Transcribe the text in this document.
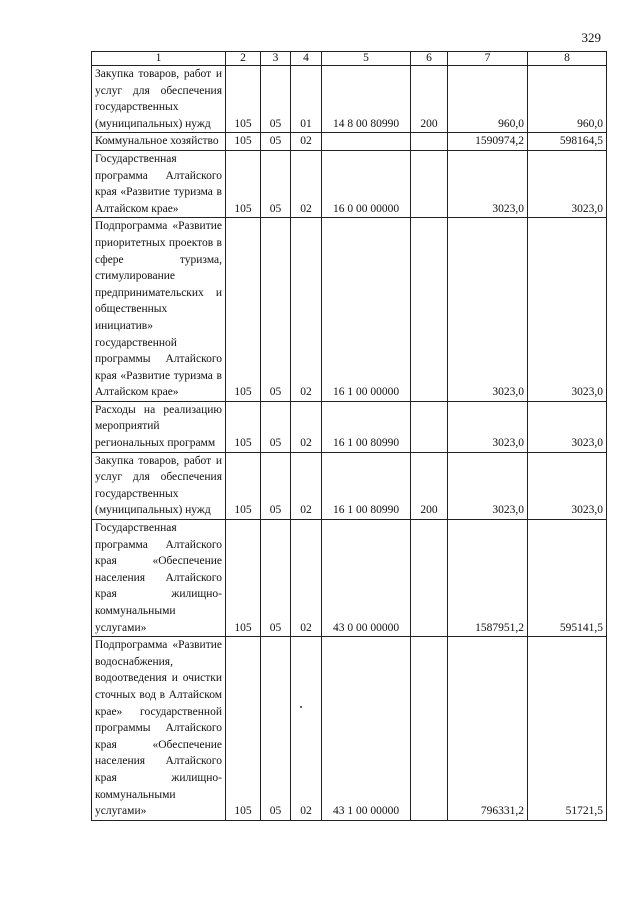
329
1	2	3	4	5	6	7	8
Закупка товаров, работ и услуг для обеспечения государственных (муниципальных) нужд	105	05	01	14 8 00 80990	200	960,0	960,0
Коммунальное хозяйство	105	05	02			1590974,2	598164,5
Государственная программа Алтайского края «Развитие туризма в Алтайском крае»	105	05	02	16 0 00 00000		3023,0	3023,0
Подпрограмма «Развитие приоритетных проектов в сфере туризма, стимулирование предпринимательских и общественных инициатив» государственной программы Алтайского края «Развитие туризма в Алтайском крае»	105	05	02	16 1 00 00000		3023,0	3023,0
Расходы на реализацию мероприятий региональных программ	105	05	02	16 1 00 80990		3023,0	3023,0
Закупка товаров, работ и услуг для обеспечения государственных (муниципальных) нужд	105	05	02	16 1 00 80990	200	3023,0	3023,0
Государственная программа Алтайского края «Обеспечение населения Алтайского края жилищно-коммунальными услугами»	105	05	02	43 0 00 00000		1587951,2	595141,5
Подпрограмма «Развитие водоснабжения, водоотведения и очистки сточных вод в Алтайском крае» государственной программы Алтайского края «Обеспечение населения Алтайского края жилищно-коммунальными услугами»	105	05	02	43 1 00 00000		796331,2	51721,5
